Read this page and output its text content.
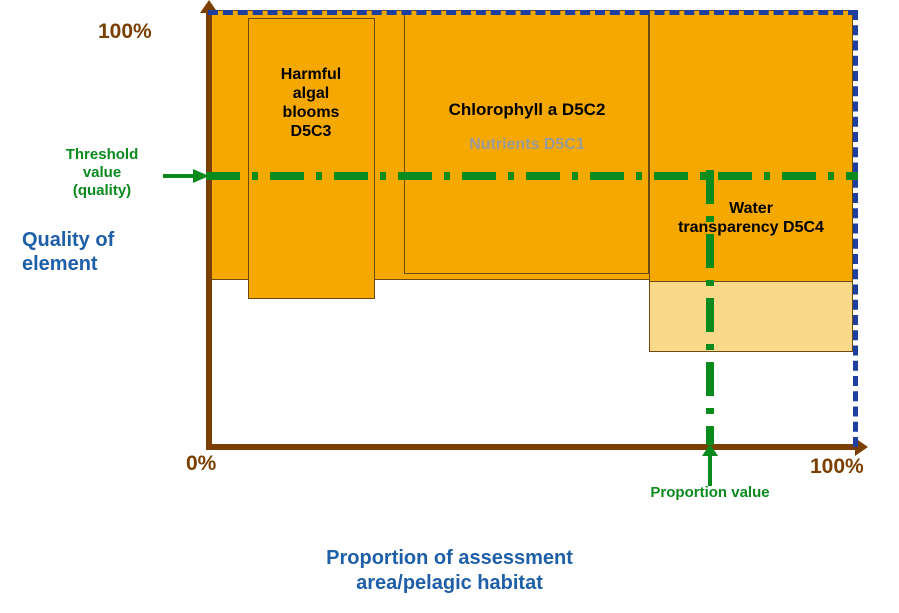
Harmful
algal
blooms
D5C3
Chlorophyll a D5C2
Nutrients D5C1
Water
transparency D5C4
Threshold
value
(quality)
Proportion value
100%
0%	100%
Quality of
element
Proportion of assessment
area/pelagic habitat
